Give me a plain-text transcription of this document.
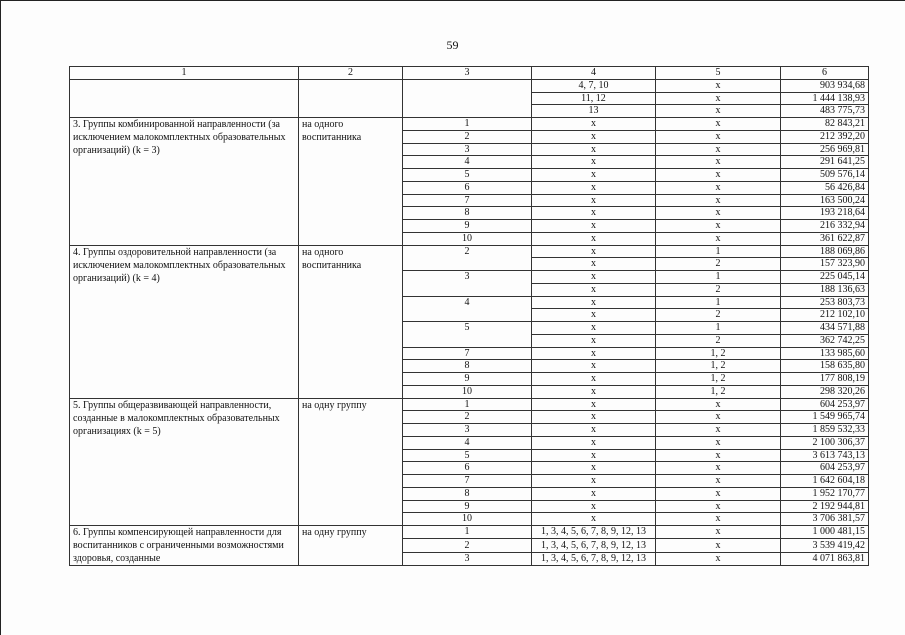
59
1	2	3	4	5	6
			4, 7, 10	x	903 934,68
			11, 12	x	1 444 138,93
			13	x	483 775,73
3. Группы комбинированной направленности (за исключением малокомплектных образовательных организаций) (k = 3)	на одного воспитанника	1	x	x	82 843,21
		2	x	x	212 392,20
		3	x	x	256 969,81
		4	x	x	291 641,25
		5	x	x	509 576,14
		6	x	x	56 426,84
		7	x	x	163 500,24
		8	x	x	193 218,64
		9	x	x	216 332,94
		10	x	x	361 622,87
4. Группы оздоровительной направленности (за исключением малокомплектных образовательных организаций) (k = 4)	на одного воспитанника	2	x	1	188 069,86
			x	2	157 323,90
		3	x	1	225 045,14
			x	2	188 136,63
		4	x	1	253 803,73
			x	2	212 102,10
		5	x	1	434 571,88
			x	2	362 742,25
		7	x	1, 2	133 985,60
		8	x	1, 2	158 635,80
		9	x	1, 2	177 808,19
		10	x	1, 2	298 320,26
5. Группы общеразвивающей направленности, созданные в малокомплектных образовательных организациях (k = 5)	на одну группу	1	x	x	604 253,97
		2	x	x	1 549 965,74
		3	x	x	1 859 532,33
		4	x	x	2 100 306,37
		5	x	x	3 613 743,13
		6	x	x	604 253,97
		7	x	x	1 642 604,18
		8	x	x	1 952 170,77
		9	x	x	2 192 944,81
		10	x	x	3 706 381,57
6. Группы компенсирующей направленности для воспитанников с ограниченными возможностями здоровья, созданные	на одну группу	1	1, 3, 4, 5, 6, 7, 8, 9, 12, 13	x	1 000 481,15
		2	1, 3, 4, 5, 6, 7, 8, 9, 12, 13	x	3 539 419,42
		3	1, 3, 4, 5, 6, 7, 8, 9, 12, 13	x	4 071 863,81
